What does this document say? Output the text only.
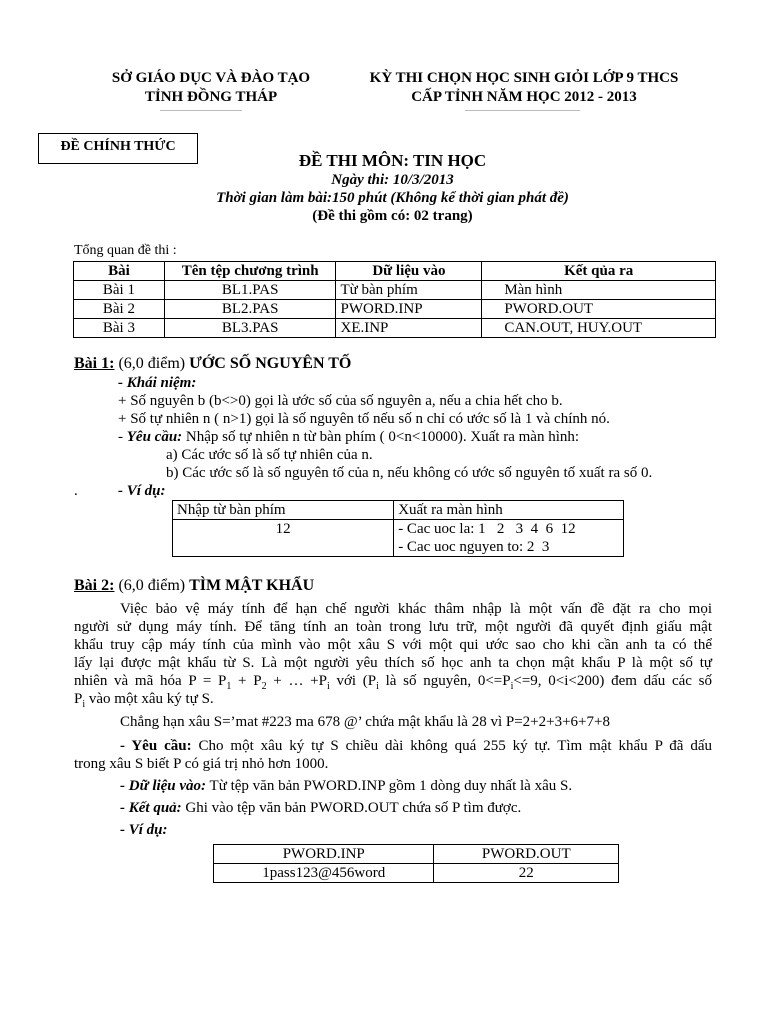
SỞ GIÁO DỤC VÀ ĐÀO TẠO
TỈNH ĐỒNG THÁP
KỲ THI CHỌN HỌC SINH GIỎI LỚP 9 THCS
CẤP TỈNH NĂM HỌC 2012 - 2013
ĐỀ CHÍNH THỨC
ĐỀ THI MÔN: TIN HỌC
Ngày thi: 10/3/2013
Thời gian làm bài:150 phút (Không kể thời gian phát đề)
(Đề thi gồm có: 02 trang)
Tổng quan đề thi :
Bài	Tên tệp chương trình	Dữ liệu vào	Kết qủa ra
Bài 1	BL1.PAS	Từ bàn phím	Màn hình
Bài 2	BL2.PAS	PWORD.INP	PWORD.OUT
Bài 3	BL3.PAS	XE.INP	CAN.OUT, HUY.OUT
Bài 1: (6,0 điểm) ƯỚC SỐ NGUYÊN TỐ
- Khái niệm:
+ Số nguyên b (b<>0) gọi là ước số của số nguyên a, nếu a chia hết cho b.
+ Số tự nhiên n ( n>1) gọi là số nguyên tố nếu số n chỉ có ước số là 1 và chính nó.
- Yêu cầu: Nhập số tự nhiên n từ bàn phím ( 0<n<10000). Xuất ra màn hình:
a) Các ước số là số tự nhiên của n.
b) Các ước số là số nguyên tố của n, nếu không có ước số nguyên tố xuất ra số 0.
.	- Ví dụ:
Nhập từ bàn phím	Xuất ra màn hình
12	- Cac uoc la: 1   2   3  4  6  12
- Cac uoc nguyen to: 2  3
Bài 2: (6,0 điểm) TÌM MẬT KHẨU
Việc bảo vệ máy tính để hạn chế người khác thâm nhập là một vấn đề đặt ra cho mọi
người sử dụng máy tính. Để tăng tính an toàn trong lưu trữ, một người đã quyết định giấu mật
khẩu truy cập máy tính của mình vào một xâu S với một qui ước sao cho khi cần anh ta có thể
lấy lại được mật khẩu từ S. Là một người yêu thích số học anh ta chọn mật khẩu P là một số tự
nhiên và mã hóa $P = P_1 + P_2$ + … $+P_i$ với ($P_i$ là số nguyên, $0<=P_i<=9$, 0<i<200) đem dấu các số
$P_i$ vào một xâu ký tự S.
Chẳng hạn xâu S=’mat #223 ma 678 @’ chứa mật khẩu là 28 vì P=2+2+3+6+7+8
- Yêu cầu: Cho một xâu ký tự S chiều dài không quá 255 ký tự. Tìm mật khẩu P đã dấu
trong xâu S biết P có giá trị nhỏ hơn 1000.
- Dữ liệu vào: Từ tệp văn bản PWORD.INP gồm 1 dòng duy nhất là xâu S.
- Kết quả: Ghi vào tệp văn bản PWORD.OUT chứa số P tìm được.
- Ví dụ:
PWORD.INP	PWORD.OUT
1pass123@456word	22
